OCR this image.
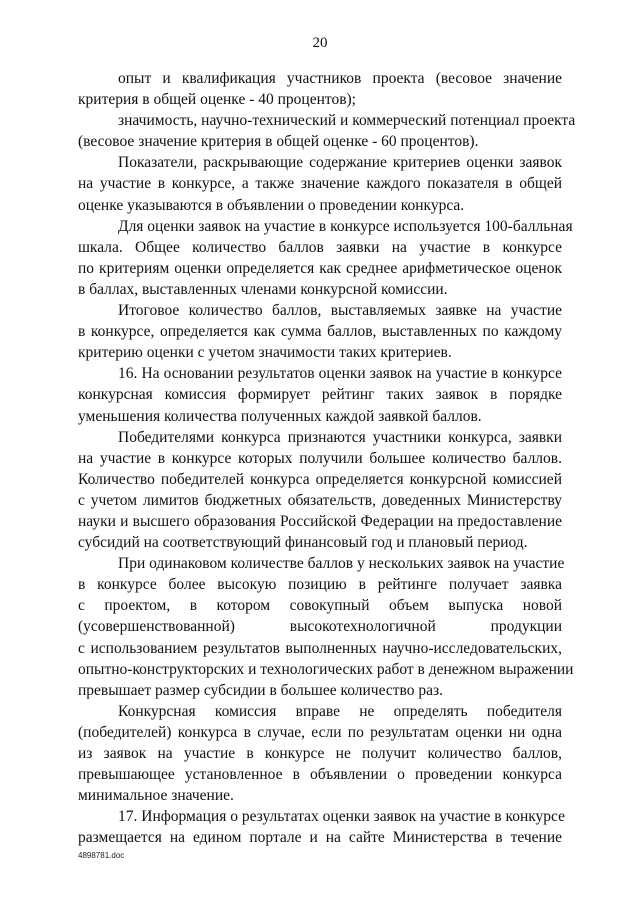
20
опыт и квалификация участников проекта (весовое значение
критерия в общей оценке - 40 процентов);
значимость, научно-технический и коммерческий потенциал проекта
(весовое значение критерия в общей оценке - 60 процентов).
Показатели, раскрывающие содержание критериев оценки заявок
на участие в конкурсе, а также значение каждого показателя в общей
оценке указываются в объявлении о проведении конкурса.
Для оценки заявок на участие в конкурсе используется 100-балльная
шкала. Общее количество баллов заявки на участие в конкурсе
по критериям оценки определяется как среднее арифметическое оценок
в баллах, выставленных членами конкурсной комиссии.
Итоговое количество баллов, выставляемых заявке на участие
в конкурсе, определяется как сумма баллов, выставленных по каждому
критерию оценки с учетом значимости таких критериев.
16. На основании результатов оценки заявок на участие в конкурсе
конкурсная комиссия формирует рейтинг таких заявок в порядке
уменьшения количества полученных каждой заявкой баллов.
Победителями конкурса признаются участники конкурса, заявки
на участие в конкурсе которых получили большее количество баллов.
Количество победителей конкурса определяется конкурсной комиссией
с учетом лимитов бюджетных обязательств, доведенных Министерству
науки и высшего образования Российской Федерации на предоставление
субсидий на соответствующий финансовый год и плановый период.
При одинаковом количестве баллов у нескольких заявок на участие
в конкурсе более высокую позицию в рейтинге получает заявка
с проектом, в котором совокупный объем выпуска новой
(усовершенствованной) высокотехнологичной продукции
с использованием результатов выполненных научно-исследовательских,
опытно-конструкторских и технологических работ в денежном выражении
превышает размер субсидии в большее количество раз.
Конкурсная комиссия вправе не определять победителя
(победителей) конкурса в случае, если по результатам оценки ни одна
из заявок на участие в конкурсе не получит количество баллов,
превышающее установленное в объявлении о проведении конкурса
минимальное значение.
17. Информация о результатах оценки заявок на участие в конкурсе
размещается на едином портале и на сайте Министерства в течение
4898781.doc
